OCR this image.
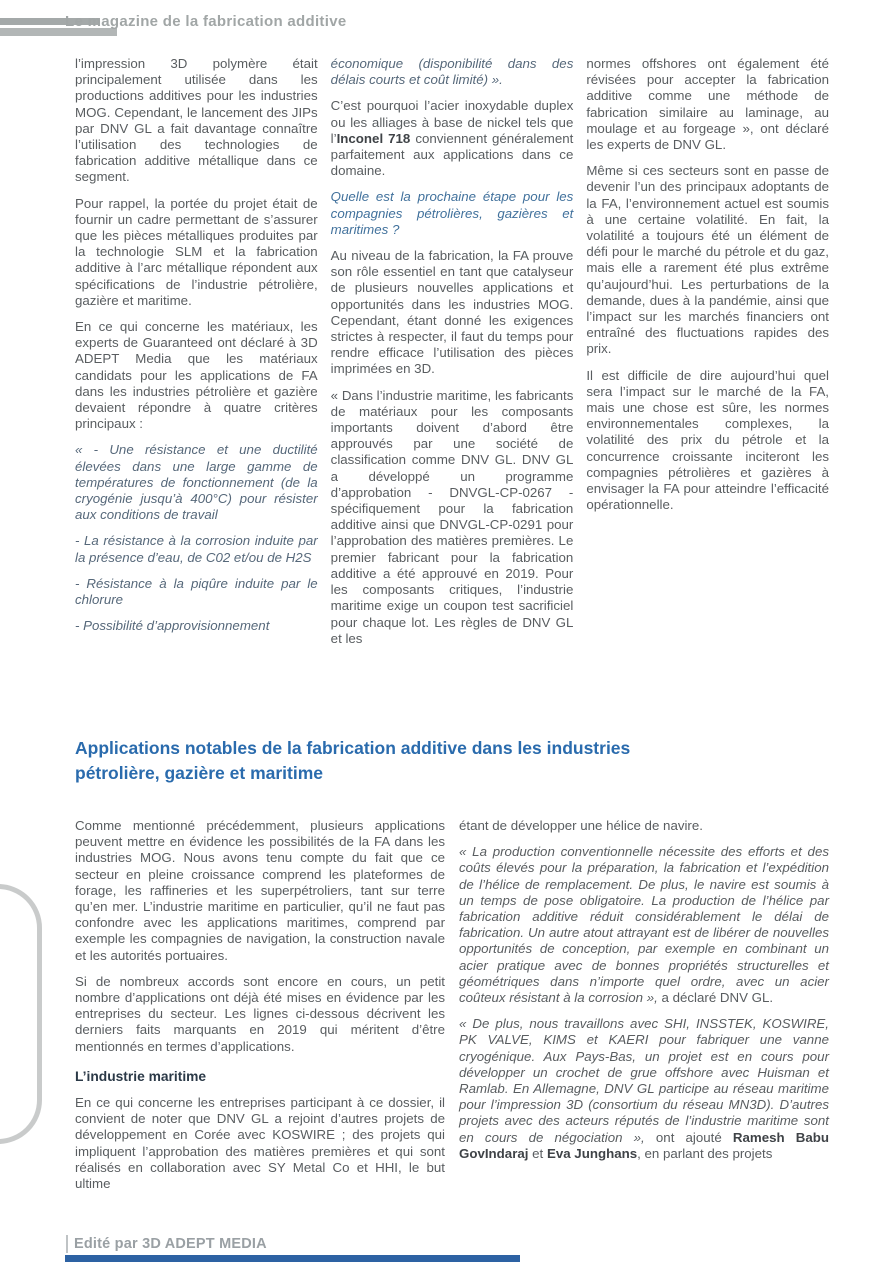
Le magazine de la fabrication additive

l’impression 3D polymère était principalement utilisée dans les productions additives pour les industries MOG. Cependant, le lancement des JIPs par DNV GL a fait davantage connaître l’utilisation des technologies de fabrication additive métallique dans ce segment.

Pour rappel, la portée du projet était de fournir un cadre permettant de s’assurer que les pièces métalliques produites par la technologie SLM et la fabrication additive à l’arc métallique répondent aux spécifications de l’industrie pétrolière, gazière et maritime.

En ce qui concerne les matériaux, les experts de Guaranteed ont déclaré à 3D ADEPT Media que les matériaux candidats pour les applications de FA dans les industries pétrolière et gazière devaient répondre à quatre critères principaux :

« - Une résistance et une ductilité élevées dans une large gamme de températures de fonctionnement (de la cryogénie jusqu’à 400°C) pour résister aux conditions de travail

- La résistance à la corrosion induite par la présence d’eau, de C02 et/ou de H2S

- Résistance à la piqûre induite par le chlorure

- Possibilité d’approvisionnement

économique (disponibilité dans des délais courts et coût limité) ».

C’est pourquoi l’acier inoxydable duplex ou les alliages à base de nickel tels que l’Inconel 718 conviennent généralement parfaitement aux applications dans ce domaine.

Quelle est la prochaine étape pour les compagnies pétrolières, gazières et maritimes ?

Au niveau de la fabrication, la FA prouve son rôle essentiel en tant que catalyseur de plusieurs nouvelles applications et opportunités dans les industries MOG. Cependant, étant donné les exigences strictes à respecter, il faut du temps pour rendre efficace l’utilisation des pièces imprimées en 3D.

« Dans l’industrie maritime, les fabricants de matériaux pour les composants importants doivent d’abord être approuvés par une société de classification comme DNV GL. DNV GL a développé un programme d’approbation - DNVGL-CP-0267 - spécifiquement pour la fabrication additive ainsi que DNVGL-CP-0291 pour l’approbation des matières premières. Le premier fabricant pour la fabrication additive a été approuvé en 2019. Pour les composants critiques, l’industrie maritime exige un coupon test sacrificiel pour chaque lot. Les règles de DNV GL et les

normes offshores ont également été révisées pour accepter la fabrication additive comme une méthode de fabrication similaire au laminage, au moulage et au forgeage », ont déclaré les experts de DNV GL.

Même si ces secteurs sont en passe de devenir l’un des principaux adoptants de la FA, l’environnement actuel est soumis à une certaine volatilité. En fait, la volatilité a toujours été un élément de défi pour le marché du pétrole et du gaz, mais elle a rarement été plus extrême qu’aujourd’hui. Les perturbations de la demande, dues à la pandémie, ainsi que l’impact sur les marchés financiers ont entraîné des fluctuations rapides des prix.

Il est difficile de dire aujourd’hui quel sera l’impact sur le marché de la FA, mais une chose est sûre, les normes environnementales complexes, la volatilité des prix du pétrole et la concurrence croissante inciteront les compagnies pétrolières et gazières à envisager la FA pour atteindre l’efficacité opérationnelle.

Applications notables de la fabrication additive dans les industries pétrolière, gazière et maritime

Comme mentionné précédemment, plusieurs applications peuvent mettre en évidence les possibilités de la FA dans les industries MOG. Nous avons tenu compte du fait que ce secteur en pleine croissance comprend les plateformes de forage, les raffineries et les superpétroliers, tant sur terre qu’en mer. L’industrie maritime en particulier, qu’il ne faut pas confondre avec les applications maritimes, comprend par exemple les compagnies de navigation, la construction navale et les autorités portuaires.

Si de nombreux accords sont encore en cours, un petit nombre d’applications ont déjà été mises en évidence par les entreprises du secteur. Les lignes ci-dessous décrivent les derniers faits marquants en 2019 qui méritent d’être mentionnés en termes d’applications.

L’industrie maritime

En ce qui concerne les entreprises participant à ce dossier, il convient de noter que DNV GL a rejoint d’autres projets de développement en Corée avec KOSWIRE ; des projets qui impliquent l’approbation des matières premières et qui sont réalisés en collaboration avec SY Metal Co et HHI, le but ultime

étant de développer une hélice de navire.

« La production conventionnelle nécessite des efforts et des coûts élevés pour la préparation, la fabrication et l’expédition de l’hélice de remplacement. De plus, le navire est soumis à un temps de pose obligatoire. La production de l’hélice par fabrication additive réduit considérablement le délai de fabrication. Un autre atout attrayant est de libérer de nouvelles opportunités de conception, par exemple en combinant un acier pratique avec de bonnes propriétés structurelles et géométriques dans n’importe quel ordre, avec un acier coûteux résistant à la corrosion », a déclaré DNV GL.

« De plus, nous travaillons avec SHI, INSSTEK, KOSWIRE, PK VALVE, KIMS et KAERI pour fabriquer une vanne cryogénique. Aux Pays-Bas, un projet est en cours pour développer un crochet de grue offshore avec Huisman et Ramlab. En Allemagne, DNV GL participe au réseau maritime pour l’impression 3D (consortium du réseau MN3D). D’autres projets avec des acteurs réputés de l’industrie maritime sont en cours de négociation », ont ajouté Ramesh Babu GovIndaraj et Eva Junghans, en parlant des projets

Edité par 3D ADEPT MEDIA
